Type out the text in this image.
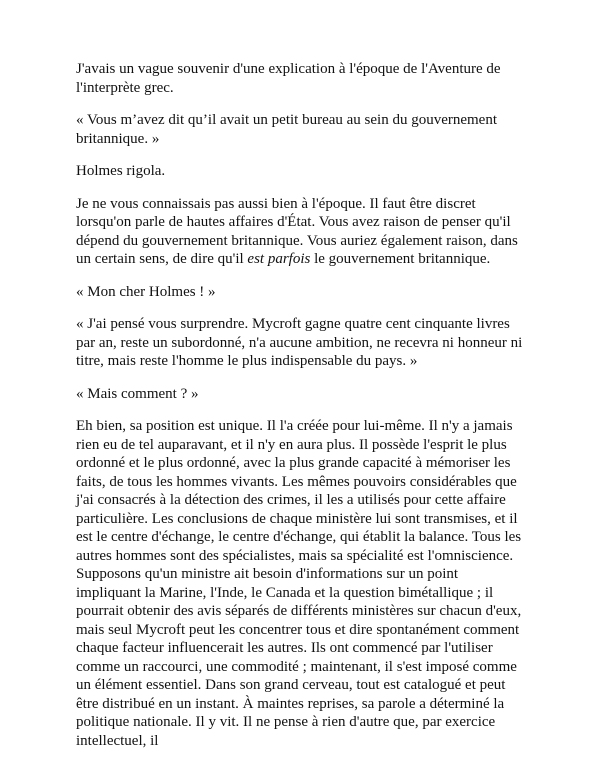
J'avais un vague souvenir d'une explication à l'époque de l'Aventure de l'interprète grec.

« Vous m’avez dit qu’il avait un petit bureau au sein du gouvernement britannique. »

Holmes rigola.

Je ne vous connaissais pas aussi bien à l'époque. Il faut être discret lorsqu'on parle de hautes affaires d'État. Vous avez raison de penser qu'il dépend du gouvernement britannique. Vous auriez également raison, dans un certain sens, de dire qu'il est parfois le gouvernement britannique.

« Mon cher Holmes ! »

« J'ai pensé vous surprendre. Mycroft gagne quatre cent cinquante livres par an, reste un subordonné, n'a aucune ambition, ne recevra ni honneur ni titre, mais reste l'homme le plus indispensable du pays. »

« Mais comment ? »

Eh bien, sa position est unique. Il l'a créée pour lui-même. Il n'y a jamais rien eu de tel auparavant, et il n'y en aura plus. Il possède l'esprit le plus ordonné et le plus ordonné, avec la plus grande capacité à mémoriser les faits, de tous les hommes vivants. Les mêmes pouvoirs considérables que j'ai consacrés à la détection des crimes, il les a utilisés pour cette affaire particulière. Les conclusions de chaque ministère lui sont transmises, et il est le centre d'échange, le centre d'échange, qui établit la balance. Tous les autres hommes sont des spécialistes, mais sa spécialité est l'omniscience. Supposons qu'un ministre ait besoin d'informations sur un point impliquant la Marine, l'Inde, le Canada et la question bimétallique ; il pourrait obtenir des avis séparés de différents ministères sur chacun d'eux, mais seul Mycroft peut les concentrer tous et dire spontanément comment chaque facteur influencerait les autres. Ils ont commencé par l'utiliser comme un raccourci, une commodité ; maintenant, il s'est imposé comme un élément essentiel. Dans son grand cerveau, tout est catalogué et peut être distribué en un instant. À maintes reprises, sa parole a déterminé la politique nationale. Il y vit. Il ne pense à rien d'autre que, par exercice intellectuel, il
